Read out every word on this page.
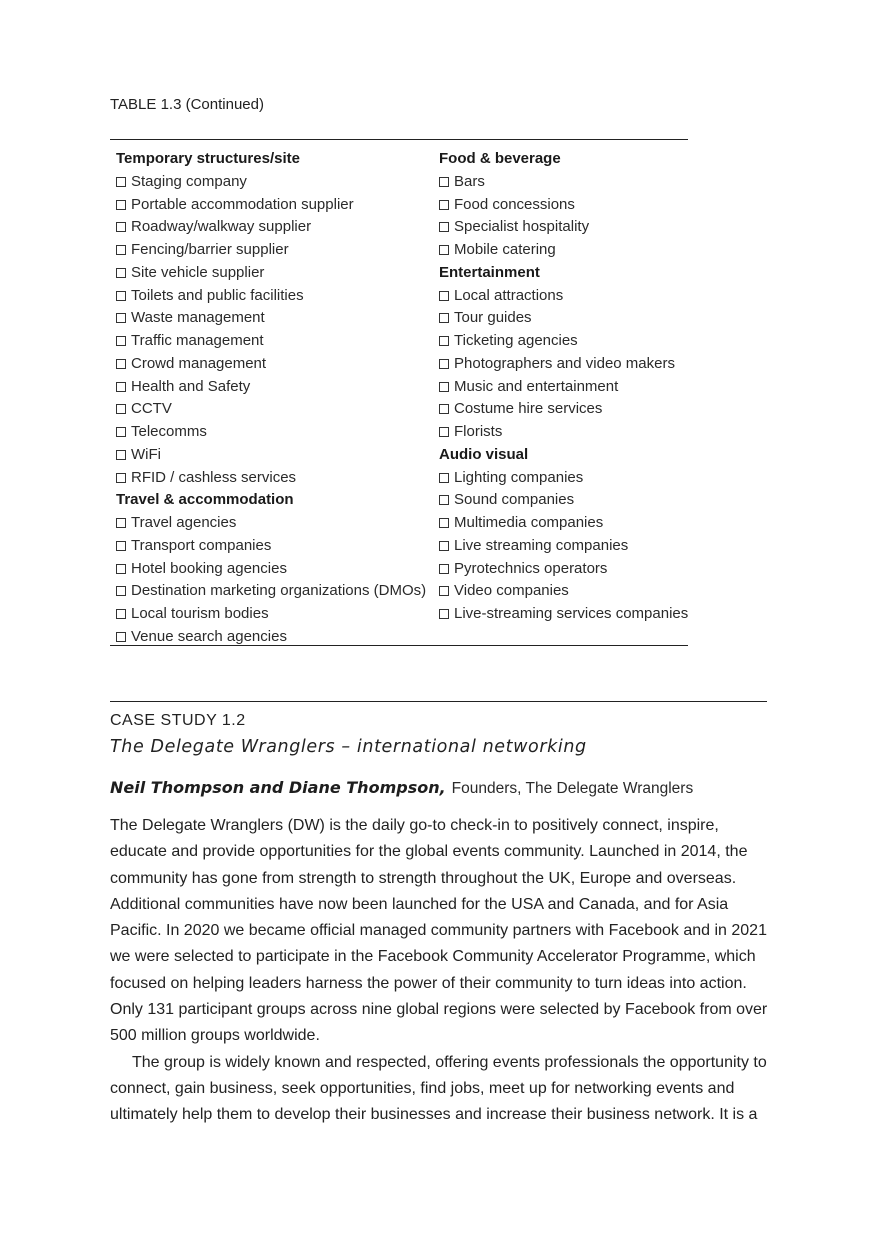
TABLE 1.3 (Continued)
Temporary structures/site
Staging company
Portable accommodation supplier
Roadway/walkway supplier
Fencing/barrier supplier
Site vehicle supplier
Toilets and public facilities
Waste management
Traffic management
Crowd management
Health and Safety
CCTV
Telecomms
WiFi
RFID / cashless services
Travel & accommodation
Travel agencies
Transport companies
Hotel booking agencies
Destination marketing organizations (DMOs)
Local tourism bodies
Venue search agencies
Food & beverage
Bars
Food concessions
Specialist hospitality
Mobile catering
Entertainment
Local attractions
Tour guides
Ticketing agencies
Photographers and video makers
Music and entertainment
Costume hire services
Florists
Audio visual
Lighting companies
Sound companies
Multimedia companies
Live streaming companies
Pyrotechnics operators
Video companies
Live-streaming services companies
CASE STUDY 1.2
The Delegate Wranglers – international networking
Neil Thompson and Diane Thompson, Founders, The Delegate Wranglers

The Delegate Wranglers (DW) is the daily go-to check-in to positively connect, inspire, educate and provide opportunities for the global events community. Launched in 2014, the community has gone from strength to strength throughout the UK, Europe and overseas. Additional communities have now been launched for the USA and Canada, and for Asia Pacific. In 2020 we became official managed community partners with Facebook and in 2021 we were selected to participate in the Facebook Community Accelerator Programme, which focused on helping leaders harness the power of their community to turn ideas into action. Only 131 participant groups across nine global regions were selected by Facebook from over 500 million groups worldwide.

The group is widely known and respected, offering events professionals the opportunity to connect, gain business, seek opportunities, find jobs, meet up for networking events and ultimately help them to develop their businesses and increase their business network. It is a
